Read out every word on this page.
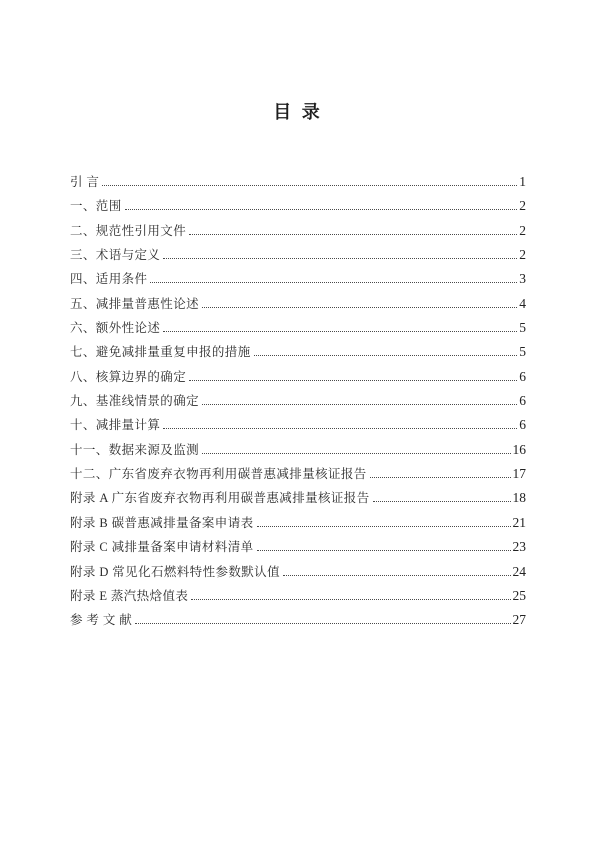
目 录
引 言	1
一、范围	2
二、规范性引用文件	2
三、术语与定义	2
四、适用条件	3
五、减排量普惠性论述	4
六、额外性论述	5
七、避免减排量重复申报的措施	5
八、核算边界的确定	6
九、基准线情景的确定	6
十、减排量计算	6
十一、数据来源及监测	16
十二、广东省废弃衣物再利用碳普惠减排量核证报告	17
附录 A 广东省废弃衣物再利用碳普惠减排量核证报告	18
附录 B 碳普惠减排量备案申请表	21
附录 C 减排量备案申请材料清单	23
附录 D 常见化石燃料特性参数默认值	24
附录 E 蒸汽热焓值表	25
参 考 文 献	27
